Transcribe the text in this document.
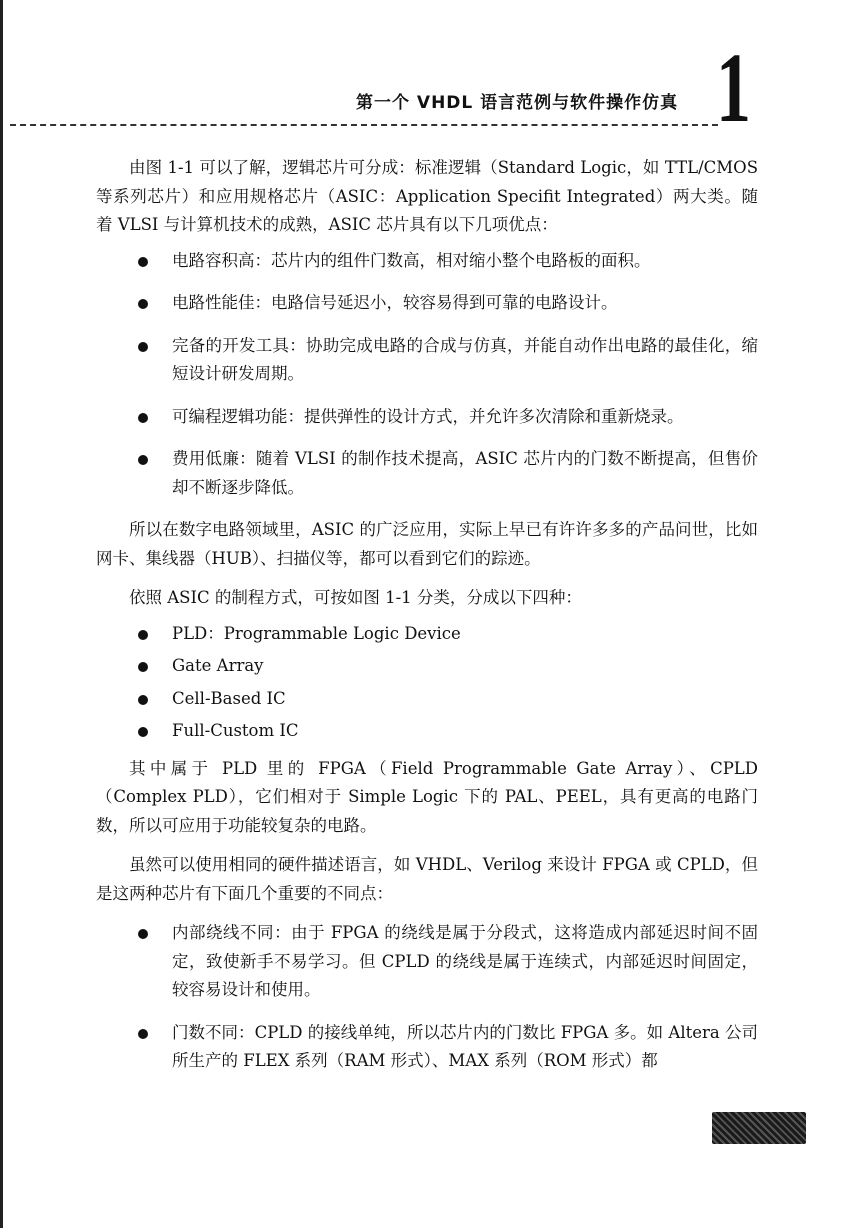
第一个 VHDL 语言范例与软件操作仿真 1

由图 1-1 可以了解，逻辑芯片可分成：标准逻辑（Standard Logic，如 TTL/CMOS 等系列芯片）和应用规格芯片（ASIC：Application Specifit Integrated）两大类。随着 VLSI 与计算机技术的成熟，ASIC 芯片具有以下几项优点：

电路容积高：芯片内的组件门数高，相对缩小整个电路板的面积。
电路性能佳：电路信号延迟小，较容易得到可靠的电路设计。
完备的开发工具：协助完成电路的合成与仿真，并能自动作出电路的最佳化，缩短设计研发周期。
可编程逻辑功能：提供弹性的设计方式，并允许多次清除和重新烧录。
费用低廉：随着 VLSI 的制作技术提高，ASIC 芯片内的门数不断提高，但售价却不断逐步降低。

所以在数字电路领域里，ASIC 的广泛应用，实际上早已有许许多多的产品问世，比如网卡、集线器（HUB）、扫描仪等，都可以看到它们的踪迹。

依照 ASIC 的制程方式，可按如图 1-1 分类，分成以下四种：

PLD：Programmable Logic Device
Gate Array
Cell-Based IC
Full-Custom IC

其中属于 PLD 里的 FPGA（Field Programmable Gate Array）、CPLD（Complex PLD），它们相对于 Simple Logic 下的 PAL、PEEL，具有更高的电路门数，所以可应用于功能较复杂的电路。

虽然可以使用相同的硬件描述语言，如 VHDL、Verilog 来设计 FPGA 或 CPLD，但是这两种芯片有下面几个重要的不同点：

内部绕线不同：由于 FPGA 的绕线是属于分段式，这将造成内部延迟时间不固定，致使新手不易学习。但 CPLD 的绕线是属于连续式，内部延迟时间固定，较容易设计和使用。
门数不同：CPLD 的接线单纯，所以芯片内的门数比 FPGA 多。如 Altera 公司所生产的 FLEX 系列（RAM 形式）、MAX 系列（ROM 形式）都
